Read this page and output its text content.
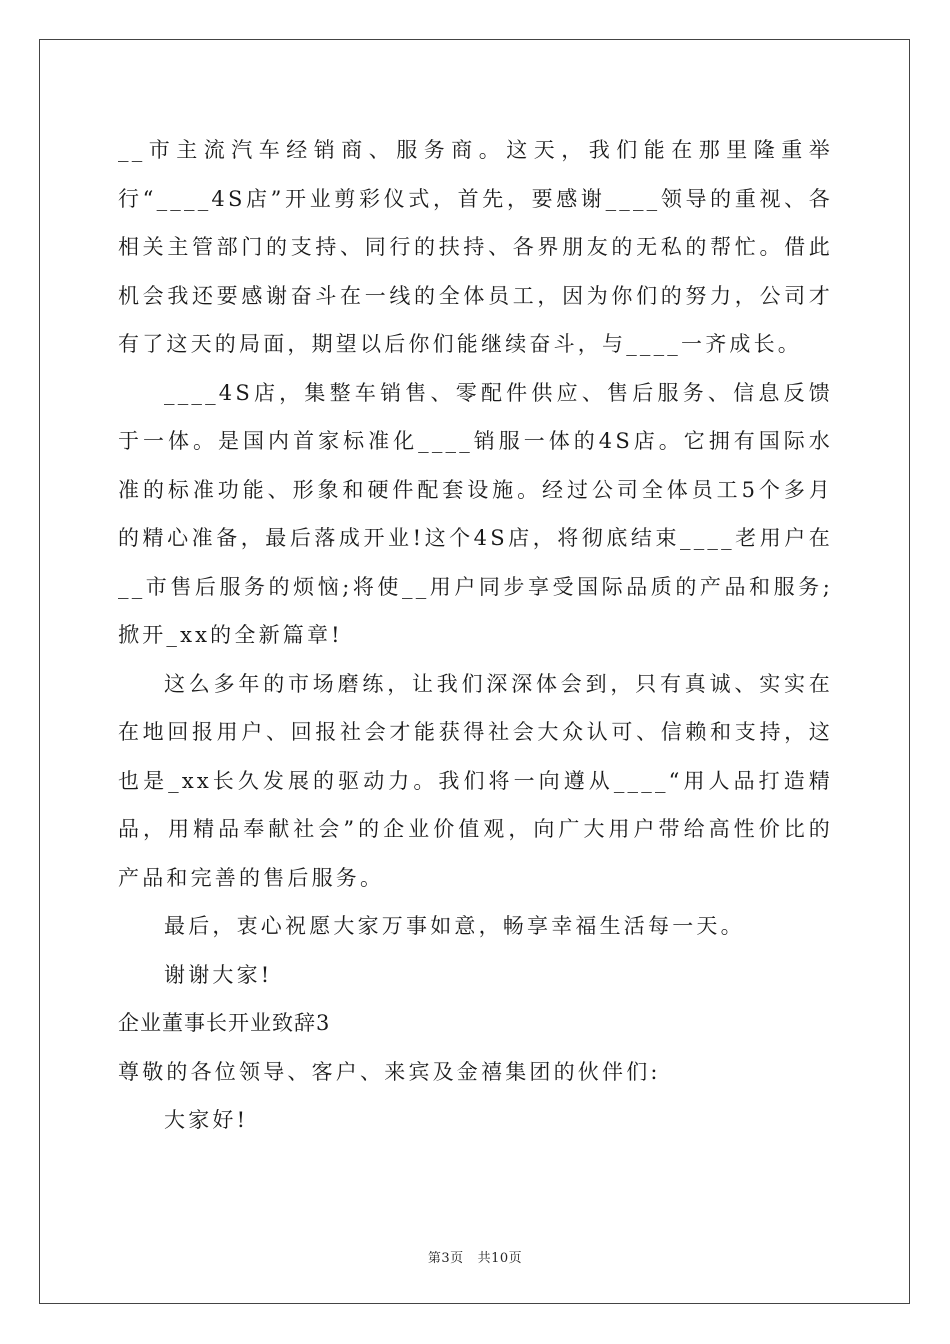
__市主流汽车经销商、服务商。这天，我们能在那里隆重举行“____4S店”开业剪彩仪式，首先，要感谢____领导的重视、各相关主管部门的支持、同行的扶持、各界朋友的无私的帮忙。借此机会我还要感谢奋斗在一线的全体员工，因为你们的努力，公司才有了这天的局面，期望以后你们能继续奋斗，与____一齐成长。

____4S店，集整车销售、零配件供应、售后服务、信息反馈于一体。是国内首家标准化____销服一体的4S店。它拥有国际水准的标准功能、形象和硬件配套设施。经过公司全体员工5个多月的精心准备，最后落成开业!这个4S店，将彻底结束____老用户在__市售后服务的烦恼;将使__用户同步享受国际品质的产品和服务;掀开_xx的全新篇章!

这么多年的市场磨练，让我们深深体会到，只有真诚、实实在在地回报用户、回报社会才能获得社会大众认可、信赖和支持，这也是_xx长久发展的驱动力。我们将一向遵从____“用人品打造精品，用精品奉献社会”的企业价值观，向广大用户带给高性价比的产品和完善的售后服务。

最后，衷心祝愿大家万事如意，畅享幸福生活每一天。

谢谢大家!

企业董事长开业致辞3

尊敬的各位领导、客户、来宾及金禧集团的伙伴们:

大家好!

第3页 共10页
